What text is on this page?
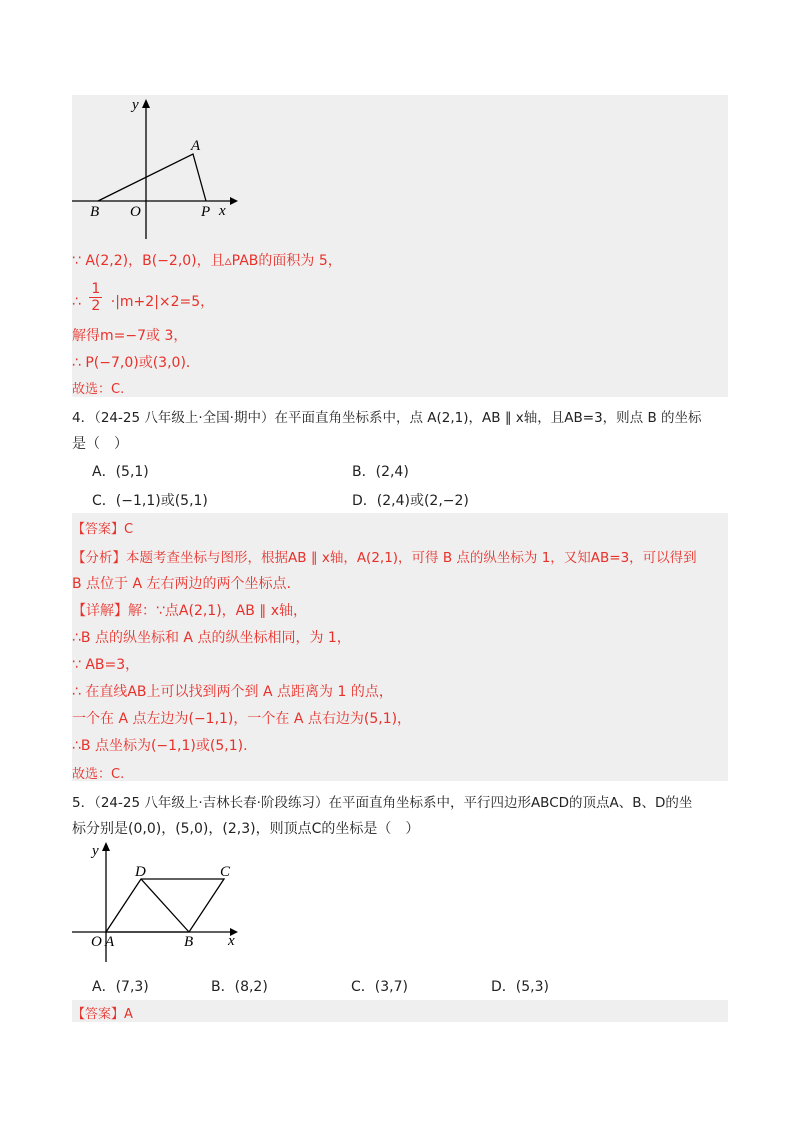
y
A
B O	P x
∵ A(2,2)，B(−2,0)，且▵PAB的面积为 5，
∴ $\frac{1}{2} \cdot|m+2|\times 2=5$，
解得m=−7或 3，
∴ P(−7,0)或(3,0)．
故选：C.
4．（24-25 八年级上·全国·期中）在平面直角坐标系中，点 A(2,1)，AB ∥ x轴，且AB=3，则点 B 的坐标
是（　）
A．(5,1)	B．(2,4)
C．(−1,1)或(5,1)	D．(2,4)或(2,−2)
【答案】C
【分析】本题考查坐标与图形，根据AB ∥ x轴，A(2,1)，可得 B 点的纵坐标为 1，又知AB=3，可以得到
B 点位于 A 左右两边的两个坐标点.
【详解】解：∵点A(2,1)，AB ∥ x轴，
∴B 点的纵坐标和 A 点的纵坐标相同，为 1，
∵ AB=3，
∴ 在直线AB上可以找到两个到 A 点距离为 1 的点，
一个在 A 点左边为(−1,1)，一个在 A 点右边为(5,1)，
∴B 点坐标为(−1,1)或(5,1).
故选：C.
5．（24-25 八年级上·吉林长春·阶段练习）在平面直角坐标系中，平行四边形ABCD的顶点A、B、D的坐
标分别是(0,0)，(5,0)，(2,3)，则顶点C的坐标是（　）
y
D	C
O A	B x
A．(7,3)	B．(8,2)	C．(3,7)	D．(5,3)
【答案】A
